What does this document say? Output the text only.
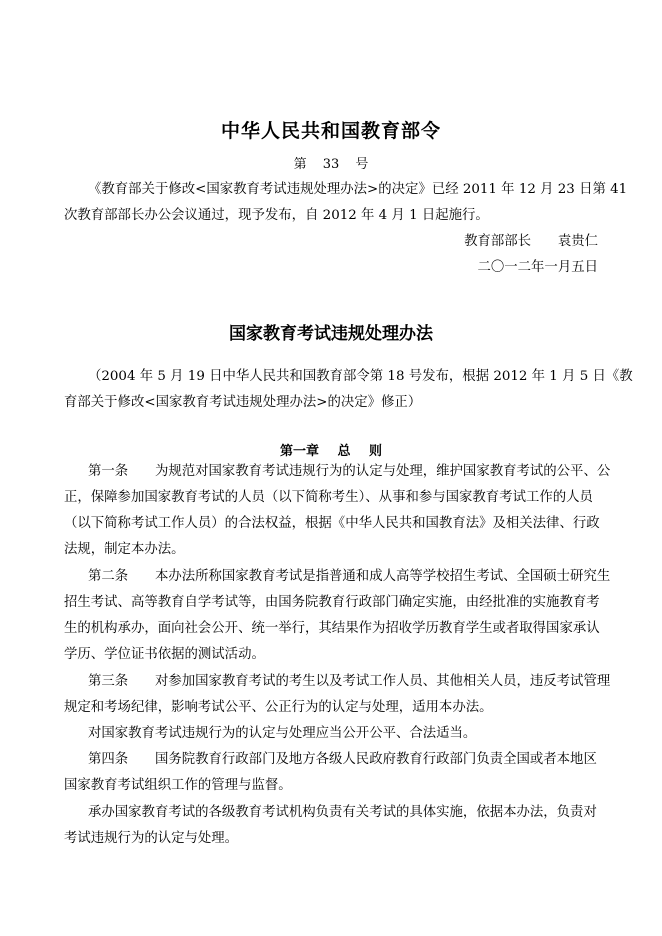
中华人民共和国教育部令

第 33 号

《教育部关于修改<国家教育考试违规处理办法>的决定》已经 2011 年 12 月 23 日第 41

次教育部部长办公会议通过，现予发布，自 2012 年 4 月 1 日起施行。

教育部部长　　袁贵仁

二〇一二年一月五日

国家教育考试违规处理办法

（2004 年 5 月 19 日中华人民共和国教育部令第 18 号发布，根据 2012 年 1 月 5 日《教

育部关于修改<国家教育考试违规处理办法>的决定》修正）

第一章 总 则

第一条　　为规范对国家教育考试违规行为的认定与处理，维护国家教育考试的公平、公

正，保障参加国家教育考试的人员（以下简称考生）、从事和参与国家教育考试工作的人员

（以下简称考试工作人员）的合法权益，根据《中华人民共和国教育法》及相关法律、行政

法规，制定本办法。

第二条　　本办法所称国家教育考试是指普通和成人高等学校招生考试、全国硕士研究生

招生考试、高等教育自学考试等，由国务院教育行政部门确定实施，由经批准的实施教育考

生的机构承办，面向社会公开、统一举行，其结果作为招收学历教育学生或者取得国家承认

学历、学位证书依据的测试活动。

第三条　　对参加国家教育考试的考生以及考试工作人员、其他相关人员，违反考试管理

规定和考场纪律，影响考试公平、公正行为的认定与处理，适用本办法。

对国家教育考试违规行为的认定与处理应当公开公平、合法适当。

第四条　　国务院教育行政部门及地方各级人民政府教育行政部门负责全国或者本地区

国家教育考试组织工作的管理与监督。

承办国家教育考试的各级教育考试机构负责有关考试的具体实施，依据本办法，负责对

考试违规行为的认定与处理。
